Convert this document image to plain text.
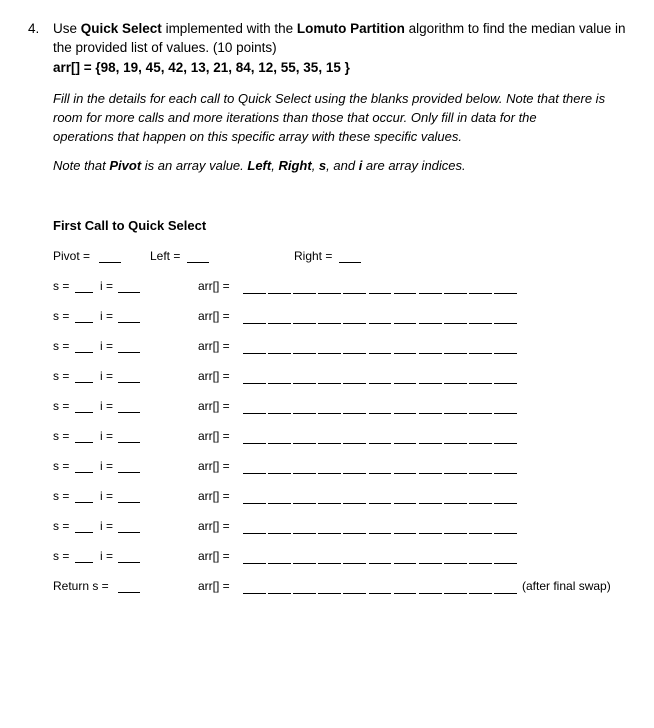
4. Use Quick Select implemented with the Lomuto Partition algorithm to find the median value in
the provided list of values. (10 points)
arr[] = {98, 19, 45, 42, 13, 21, 84, 12, 55, 35, 15 }
Fill in the details for each call to Quick Select using the blanks provided below. Note that there is
room for more calls and more iterations than those that occur. Only fill in data for the
operations that happen on this specific array with these specific values.
Note that Pivot is an array value. Left, Right, s, and i are array indices.
First Call to Quick Select
Pivot =	Left =	Right =
s =	i =	arr[] =
s =	i =	arr[] =
s =	i =	arr[] =
s =	i =	arr[] =
s =	i =	arr[] =
s =	i =	arr[] =
s =	i =	arr[] =
s =	i =	arr[] =
s =	i =	arr[] =
s =	i =	arr[] =
Return s =	arr[] =	(after final swap)
